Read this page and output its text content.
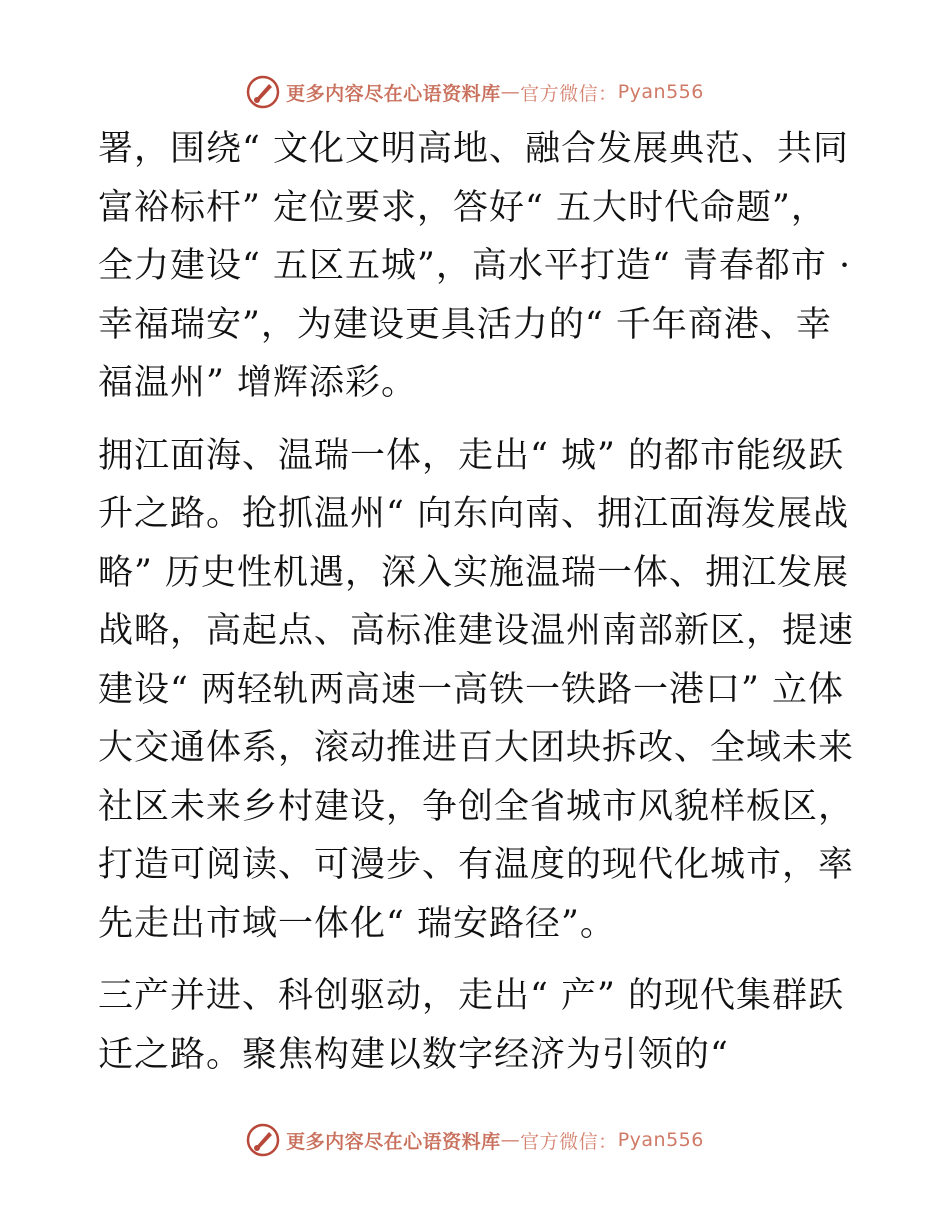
更多内容尽在心语资料库 — 官方微信： Pyan556

署，围绕“ 文化文明高地、融合发展典范、共同富裕标杆” 定位要求，答好“ 五大时代命题”，全力建设“ 五区五城”，高水平打造“ 青春都市 · 幸福瑞安”，为建设更具活力的“ 千年商港、幸福温州” 增辉添彩。

拥江面海、温瑞一体，走出“ 城” 的都市能级跃升之路。抢抓温州“ 向东向南、拥江面海发展战略” 历史性机遇，深入实施温瑞一体、拥江发展战略，高起点、高标准建设温州南部新区，提速建设“ 两轻轨两高速一高铁一铁路一港口” 立体大交通体系，滚动推进百大团块拆改、全域未来社区未来乡村建设，争创全省城市风貌样板区，打造可阅读、可漫步、有温度的现代化城市，率先走出市域一体化“ 瑞安路径”。

三产并进、科创驱动，走出“ 产” 的现代集群跃迁之路。聚焦构建以数字经济为引领的“

更多内容尽在心语资料库 — 官方微信： Pyan556
